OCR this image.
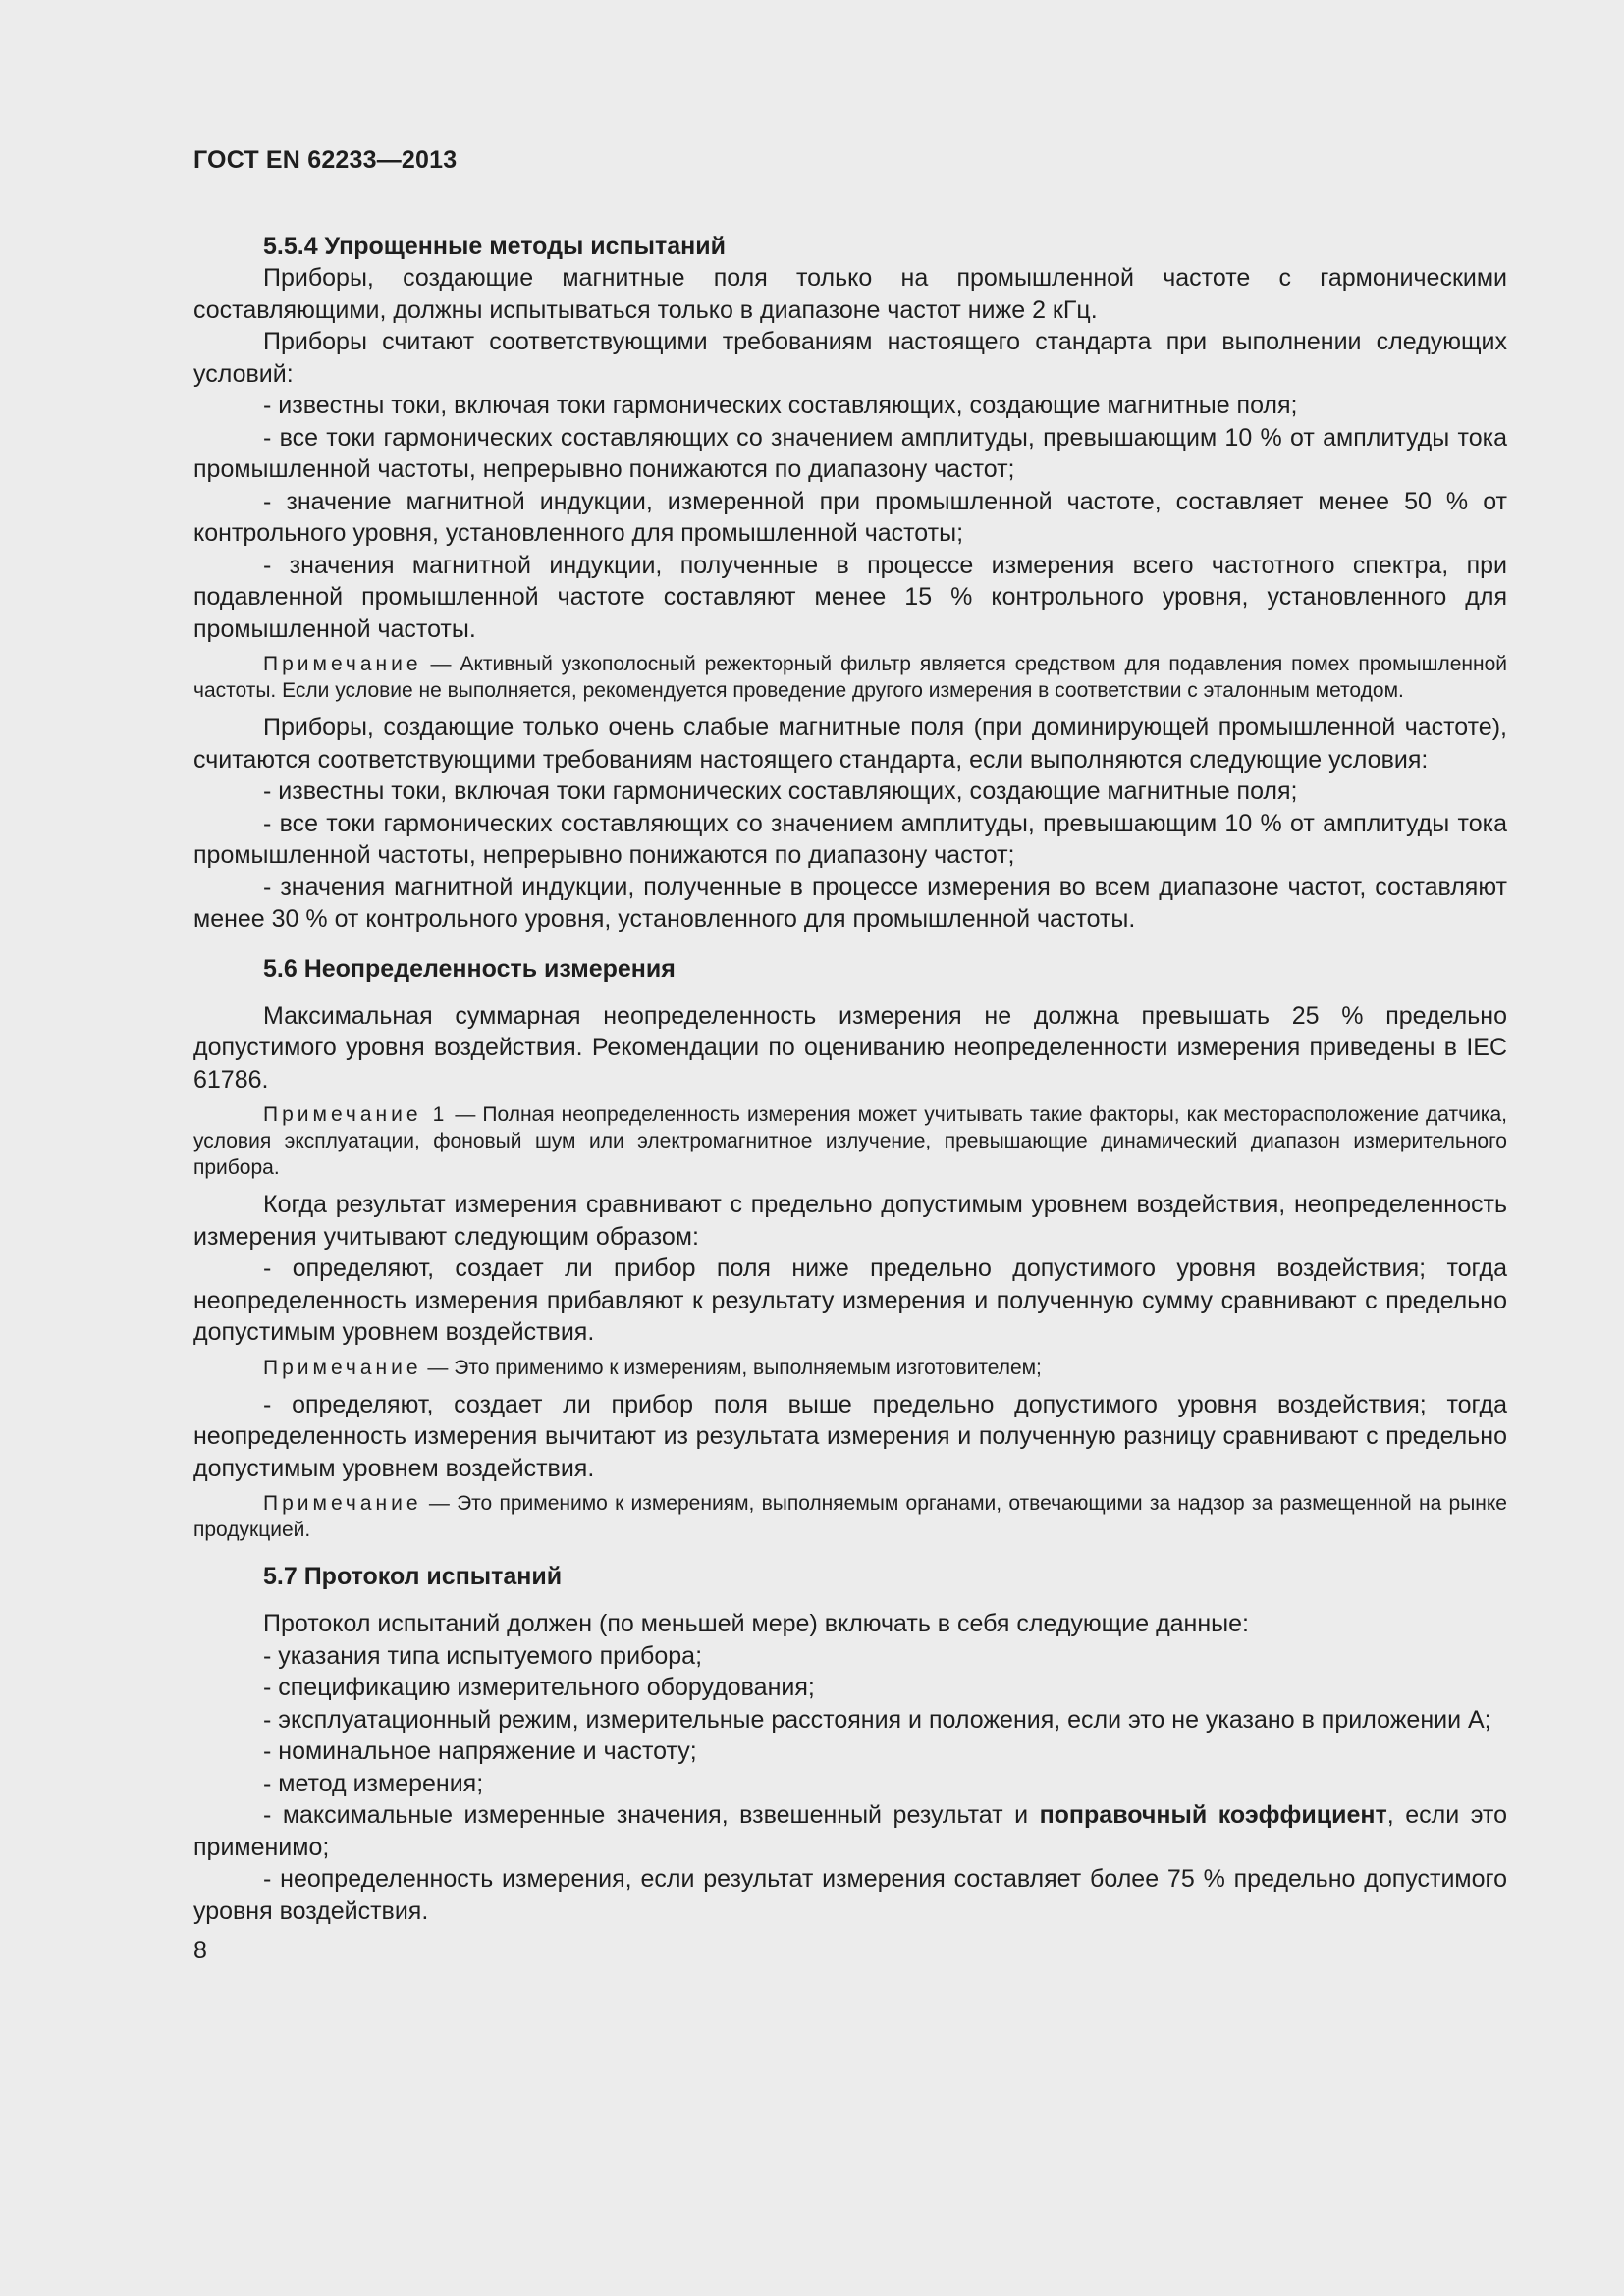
ГОСТ EN 62233—2013
5.5.4 Упрощенные методы испытаний

Приборы, создающие магнитные поля только на промышленной частоте с гармоническими составляющими, должны испытываться только в диапазоне частот ниже 2 кГц.

Приборы считают соответствующими требованиям настоящего стандарта при выполнении следующих условий:

- известны токи, включая токи гармонических составляющих, создающие магнитные поля;

- все токи гармонических составляющих со значением амплитуды, превышающим 10 % от амплитуды тока промышленной частоты, непрерывно понижаются по диапазону частот;

- значение магнитной индукции, измеренной при промышленной частоте, составляет менее 50 % от контрольного уровня, установленного для промышленной частоты;

- значения магнитной индукции, полученные в процессе измерения всего частотного спектра, при подавленной промышленной частоте составляют менее 15 % контрольного уровня, установленного для промышленной частоты.

Примечание — Активный узкополосный режекторный фильтр является средством для подавления помех промышленной частоты. Если условие не выполняется, рекомендуется проведение другого измерения в соответствии с эталонным методом.

Приборы, создающие только очень слабые магнитные поля (при доминирующей промышленной частоте), считаются соответствующими требованиям настоящего стандарта, если выполняются следующие условия:

- известны токи, включая токи гармонических составляющих, создающие магнитные поля;

- все токи гармонических составляющих со значением амплитуды, превышающим 10 % от амплитуды тока промышленной частоты, непрерывно понижаются по диапазону частот;

- значения магнитной индукции, полученные в процессе измерения во всем диапазоне частот, составляют менее 30 % от контрольного уровня, установленного для промышленной частоты.

5.6 Неопределенность измерения

Максимальная суммарная неопределенность измерения не должна превышать 25 % предельно допустимого уровня воздействия. Рекомендации по оцениванию неопределенности измерения приведены в IEC 61786.

Примечание 1 — Полная неопределенность измерения может учитывать такие факторы, как месторасположение датчика, условия эксплуатации, фоновый шум или электромагнитное излучение, превышающие динамический диапазон измерительного прибора.

Когда результат измерения сравнивают с предельно допустимым уровнем воздействия, неопределенность измерения учитывают следующим образом:

- определяют, создает ли прибор поля ниже предельно допустимого уровня воздействия; тогда неопределенность измерения прибавляют к результату измерения и полученную сумму сравнивают с предельно допустимым уровнем воздействия.

Примечание — Это применимо к измерениям, выполняемым изготовителем;

- определяют, создает ли прибор поля выше предельно допустимого уровня воздействия; тогда неопределенность измерения вычитают из результата измерения и полученную разницу сравнивают с предельно допустимым уровнем воздействия.

Примечание — Это применимо к измерениям, выполняемым органами, отвечающими за надзор за размещенной на рынке продукцией.

5.7 Протокол испытаний

Протокол испытаний должен (по меньшей мере) включать в себя следующие данные:

- указания типа испытуемого прибора;

- спецификацию измерительного оборудования;

- эксплуатационный режим, измерительные расстояния и положения, если это не указано в приложении А;

- номинальное напряжение и частоту;

- метод измерения;

- максимальные измеренные значения, взвешенный результат и поправочный коэффициент, если это применимо;

- неопределенность измерения, если результат измерения составляет более 75 % предельно допустимого уровня воздействия.

8
